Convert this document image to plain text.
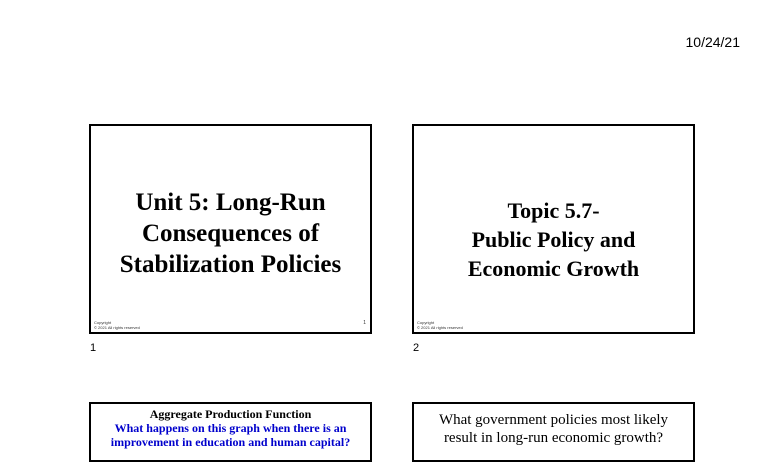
10/24/21
Unit 5: Long-Run
Consequences of
Stabilization Policies
Copyright
© 2021 All rights reserved
1
1
Topic 5.7-
Public Policy and
Economic Growth
Copyright
© 2021 All rights reserved
2
Aggregate Production Function
What happens on this graph when there is an
improvement in education and human capital?
What government policies most likely
result in long-run economic growth?
